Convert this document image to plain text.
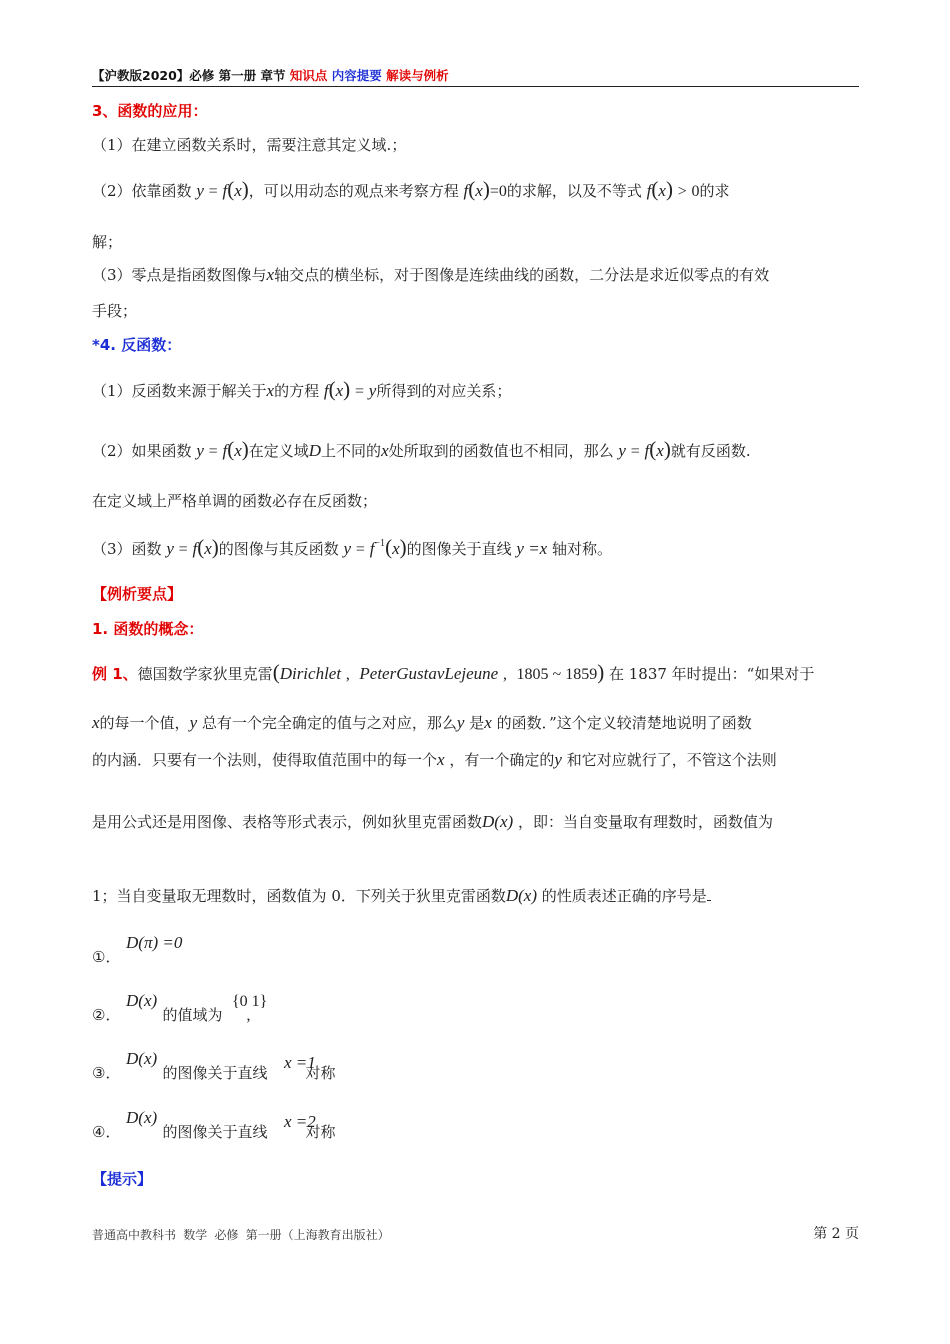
【沪教版2020】必修 第一册 章节 知识点 内容提要 解读与例析
3、函数的应用：
（1）在建立函数关系时，需要注意其定义域.；
（2）依靠函数 y = f(x)，可以用动态的观点来考察方程 f(x)=0的求解，以及不等式 f(x) > 0的求
解；
（3）零点是指函数图像与x轴交点的横坐标，对于图像是连续曲线的函数，二分法是求近似零点的有效
手段；
*4. 反函数：
（1）反函数来源于解关于x的方程 f(x) = y所得到的对应关系；
（2）如果函数 y = f(x)在定义域D上不同的x处所取到的函数值也不相同，那么 y = f(x)就有反函数.
在定义域上严格单调的函数必存在反函数；
（3）函数 y = f(x)的图像与其反函数 $y = f^{-1}(x)$的图像关于直线 y =x 轴对称。
【例析要点】
1. 函数的概念：
例 1、德国数学家狄里克雷(Dirichlet , PeterGustavLejeune , 1805 ~ 1859) 在 1837 年时提出：“如果对于
x的每一个值，y 总有一个完全确定的值与之对应，那么y 是x 的函数．”这个定义较清楚地说明了函数
的内涵．只要有一个法则，使得取值范围中的每一个x ，有一个确定的y 和它对应就行了，不管这个法则
是用公式还是用图像、表格等形式表示，例如狄里克雷函数D(x) ，即：当自变量取有理数时，函数值为
1；当自变量取无理数时，函数值为 0．下列关于狄里克雷函数D(x) 的性质表述正确的序号是
D(π) =0
①．
D(x)	{0 1}
②．	的值域为 ,
D(x)	x =1
③．	的图像关于直线	对称
D(x)	x =2
④．	的图像关于直线	对称
【提示】
普通高中教科书 数学 必修 第一册（上海教育出版社）	第 2 页
